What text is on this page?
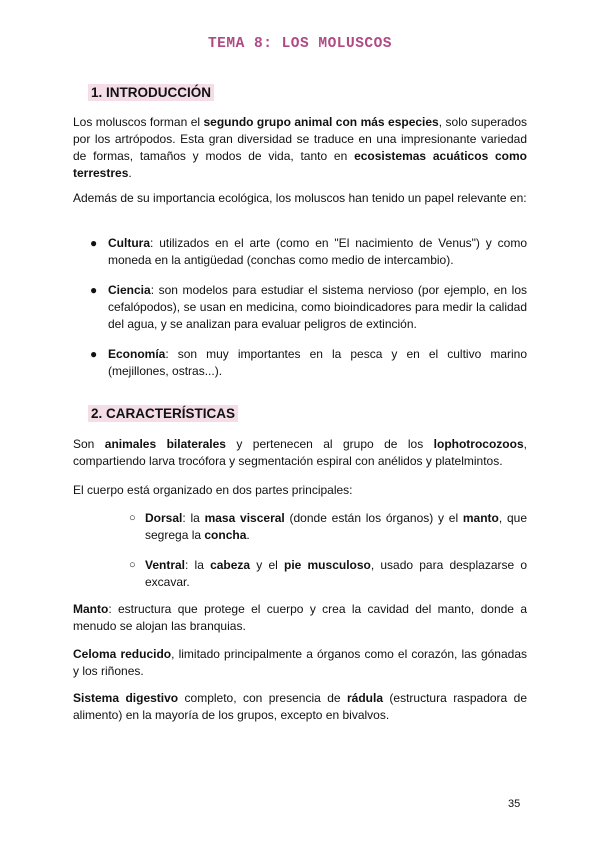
TEMA 8: LOS MOLUSCOS
1. INTRODUCCIÓN

Los moluscos forman el segundo grupo animal con más especies, solo superados por los artrópodos. Esta gran diversidad se traduce en una impresionante variedad de formas, tamaños y modos de vida, tanto en ecosistemas acuáticos como terrestres.

Además de su importancia ecológica, los moluscos han tenido un papel relevante en:

● Cultura: utilizados en el arte (como en "El nacimiento de Venus") y como moneda en la antigüedad (conchas como medio de intercambio).
● Ciencia: son modelos para estudiar el sistema nervioso (por ejemplo, en los cefalópodos), se usan en medicina, como bioindicadores para medir la calidad del agua, y se analizan para evaluar peligros de extinción.
● Economía: son muy importantes en la pesca y en el cultivo marino (mejillones, ostras...).
2. CARACTERÍSTICAS

Son animales bilaterales y pertenecen al grupo de los lophotrocozoos, compartiendo larva trocófora y segmentación espiral con anélidos y platelmintos.

El cuerpo está organizado en dos partes principales:

○ Dorsal: la masa visceral (donde están los órganos) y el manto, que segrega la concha.
○ Ventral: la cabeza y el pie musculoso, usado para desplazarse o excavar.

Manto: estructura que protege el cuerpo y crea la cavidad del manto, donde a menudo se alojan las branquias.

Celoma reducido, limitado principalmente a órganos como el corazón, las gónadas y los riñones.

Sistema digestivo completo, con presencia de rádula (estructura raspadora de alimento) en la mayoría de los grupos, excepto en bivalvos.

35
